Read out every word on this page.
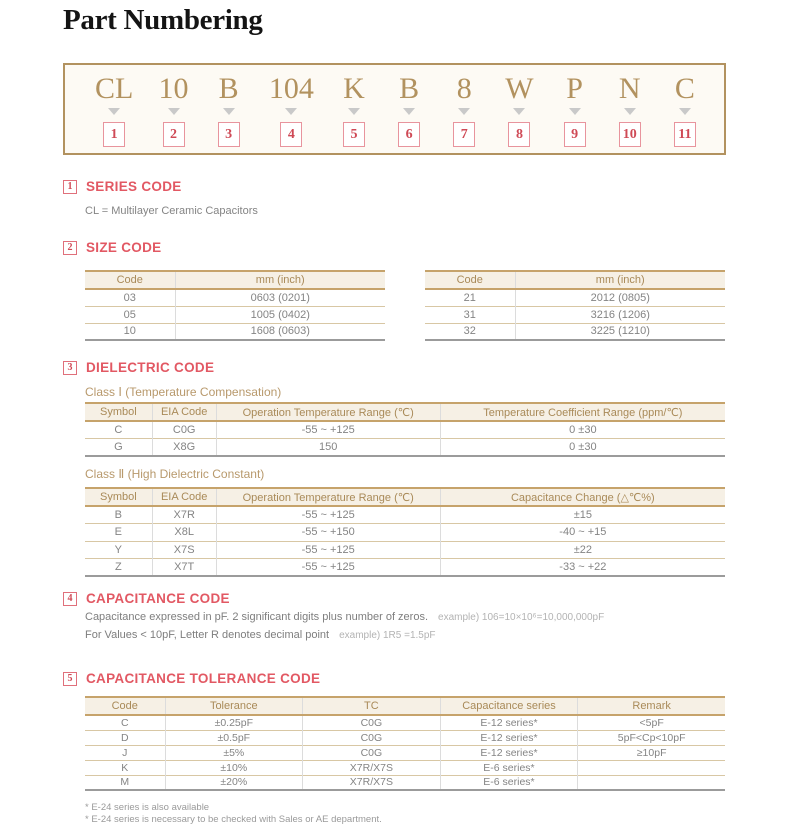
Part Numbering
CL
1
10
2
B
3
104
4
K
5
B
6
8
7
W
8
P
9
N
10
C
11
1	SERIES CODE
CL = Multilayer Ceramic Capacitors
2	SIZE CODE
Code	mm (inch)
03	0603 (0201)
05	1005 (0402)
10	1608 (0603)
Code	mm (inch)
21	2012 (0805)
31	3216 (1206)
32	3225 (1210)
3	DIELECTRIC CODE
Class Ⅰ (Temperature Compensation)
Symbol	EIA Code	Operation Temperature Range (℃)	Temperature Coefficient Range (ppm/℃)
C	C0G	-55 ~ +125	0 ±30
G	X8G	150	0 ±30
Class Ⅱ (High Dielectric Constant)
Symbol	EIA Code	Operation Temperature Range (℃)	Capacitance Change (△℃%)
B	X7R	-55 ~ +125	±15
E	X8L	-55 ~ +150	-40 ~ +15
Y	X7S	-55 ~ +125	±22
Z	X7T	-55 ~ +125	-33 ~ +22
4	CAPACITANCE CODE
Capacitance expressed in pF. 2 significant digits plus number of zeros. example) 106=10×10⁶=10,000,000pF
For Values < 10pF, Letter R denotes decimal point example) 1R5 =1.5pF
5	CAPACITANCE TOLERANCE CODE
Code	Tolerance	TC	Capacitance series	Remark
C	±0.25pF	C0G	E-12 series*	<5pF
D	±0.5pF	C0G	E-12 series*	5pF<Cp<10pF
J	±5%	C0G	E-12 series*	≥10pF
K	±10%	X7R/X7S	E-6 series*	
M	±20%	X7R/X7S	E-6 series*	
* E-24 series is also available
* E-24 series is necessary to be checked with Sales or AE department.
